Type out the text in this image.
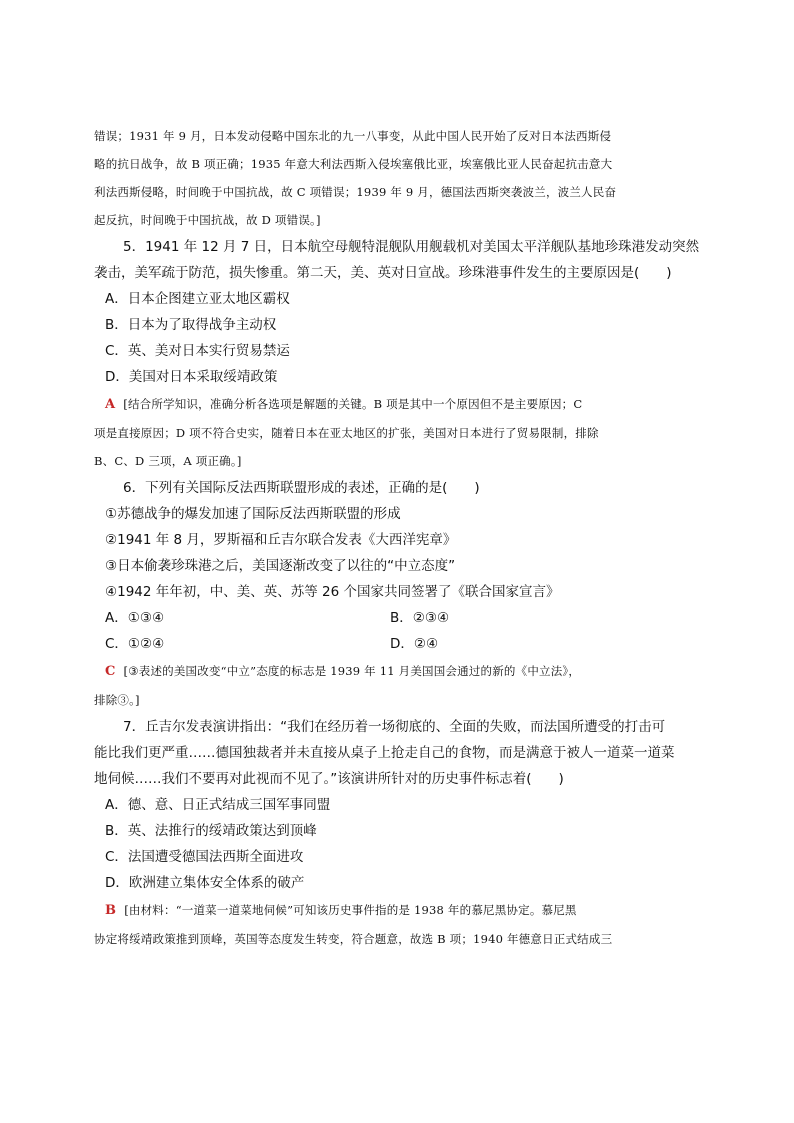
错误；1931 年 9 月，日本发动侵略中国东北的九一八事变，从此中国人民开始了反对日本法西斯侵

略的抗日战争，故 B 项正确；1935 年意大利法西斯入侵埃塞俄比亚，埃塞俄比亚人民奋起抗击意大

利法西斯侵略，时间晚于中国抗战，故 C 项错误；1939 年 9 月，德国法西斯突袭波兰，波兰人民奋

起反抗，时间晚于中国抗战，故 D 项错误。]

5．1941 年 12 月 7 日，日本航空母舰特混舰队用舰载机对美国太平洋舰队基地珍珠港发动突然

袭击，美军疏于防范，损失惨重。第二天，美、英对日宣战。珍珠港事件发生的主要原因是(　　)

A．日本企图建立亚太地区霸权

B．日本为了取得战争主动权

C．英、美对日本实行贸易禁运

D．美国对日本采取绥靖政策

A [结合所学知识，准确分析各选项是解题的关键。B 项是其中一个原因但不是主要原因；C

项是直接原因；D 项不符合史实，随着日本在亚太地区的扩张，美国对日本进行了贸易限制，排除

B、C、D 三项，A 项正确。]

6．下列有关国际反法西斯联盟形成的表述，正确的是(　　)

①苏德战争的爆发加速了国际反法西斯联盟的形成

②1941 年 8 月，罗斯福和丘吉尔联合发表《大西洋宪章》

③日本偷袭珍珠港之后，美国逐渐改变了以往的“中立态度”

④1942 年年初，中、美、英、苏等 26 个国家共同签署了《联合国家宣言》

A．①③④	B．②③④

C．①②④	D．②④

C [③表述的美国改变“中立”态度的标志是 1939 年 11 月美国国会通过的新的《中立法》，

排除③。]

7．丘吉尔发表演讲指出：“我们在经历着一场彻底的、全面的失败，而法国所遭受的打击可

能比我们更严重……德国独裁者并未直接从桌子上抢走自己的食物，而是满意于被人一道菜一道菜

地伺候……我们不要再对此视而不见了。”该演讲所针对的历史事件标志着(　　)

A．德、意、日正式结成三国军事同盟

B．英、法推行的绥靖政策达到顶峰

C．法国遭受德国法西斯全面进攻

D．欧洲建立集体安全体系的破产

B [由材料：“一道菜一道菜地伺候”可知该历史事件指的是 1938 年的慕尼黑协定。慕尼黑

协定将绥靖政策推到顶峰，英国等态度发生转变，符合题意，故选 B 项；1940 年德意日正式结成三
